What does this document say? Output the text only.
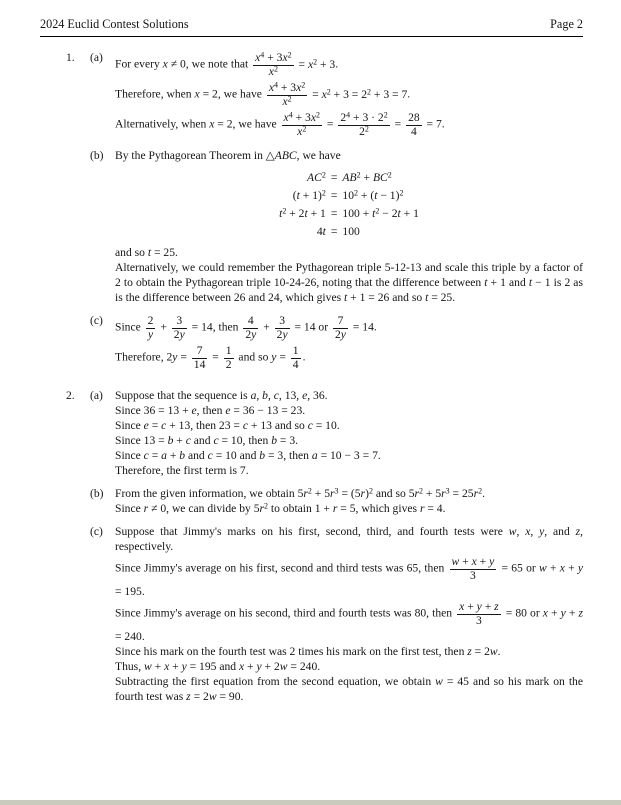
2024 Euclid Contest Solutions	Page 2
1.	(a)
For every x ≠ 0, we note that $\frac{x^4 + 3x^2}{x^2} = x^2 + 3$.
Therefore, when x = 2, we have $\frac{x^4 + 3x^2}{x^2} = x^2 + 3 = 2^2 + 3 = 7$.
Alternatively, when x = 2, we have $\frac{x^4 + 3x^2}{x^2} = \frac{2^4 + 3 \cdot 2^2}{2^2} = \frac{28}{4} = 7$.
(b) By the Pythagorean Theorem in △ABC, we have
$AC^2$	=	$AB^2 + BC^2$
$(t + 1)^2$	=	$10^2 + (t - 1)^2$
$t^2 + 2t + 1$	=	$100 + t^2 - 2t + 1$
4t	=	100
and so t = 25.
Alternatively, we could remember the Pythagorean triple 5-12-13 and scale this triple by a factor of 2 to obtain the Pythagorean triple 10-24-26, noting that the difference between t + 1 and t − 1 is 2 as is the difference between 26 and 24, which gives t + 1 = 26 and so t = 25.
(c)
Since $\frac{2}{y} + \frac{3}{2y} = 14$, then $\frac{4}{2y} + \frac{3}{2y} = 14$ or $\frac{7}{2y} = 14$.
Therefore, $2y = \frac{7}{14} = \frac{1}{2}$ and so $y = \frac{1}{4}$ .
2.	(a)	Suppose that the sequence is a, b, c, 13, e, 36.
Since 36 = 13 + e, then e = 36 − 13 = 23.
Since e = c + 13, then 23 = c + 13 and so c = 10.
Since 13 = b + c and c = 10, then b = 3.
Since c = a + b and c = 10 and b = 3, then a = 10 − 3 = 7.
Therefore, the first term is 7.
(b) From the given information, we obtain $5r^2 + 5r^3 = (5r)^2$ and so $5r^2 + 5r^3 = 25r^2$.
Since r ≠ 0, we can divide by $5r^2$ to obtain 1 + r = 5, which gives r = 4.
(c)	Suppose that Jimmy's marks on his first, second, third, and fourth tests were w, x, y, and z, respectively.
Since Jimmy's average on his first, second and third tests was 65, then $\frac{w + x + y}{3} = 65$ or w + x + y = 195.
Since Jimmy's average on his second, third and fourth tests was 80, then $\frac{x + y + z}{3} = 80$ or x + y + z = 240.
Since his mark on the fourth test was 2 times his mark on the first test, then z = 2w.
Thus, w + x + y = 195 and x + y + 2w = 240.
Subtracting the first equation from the second equation, we obtain w = 45 and so his mark on the fourth test was z = 2w = 90.
